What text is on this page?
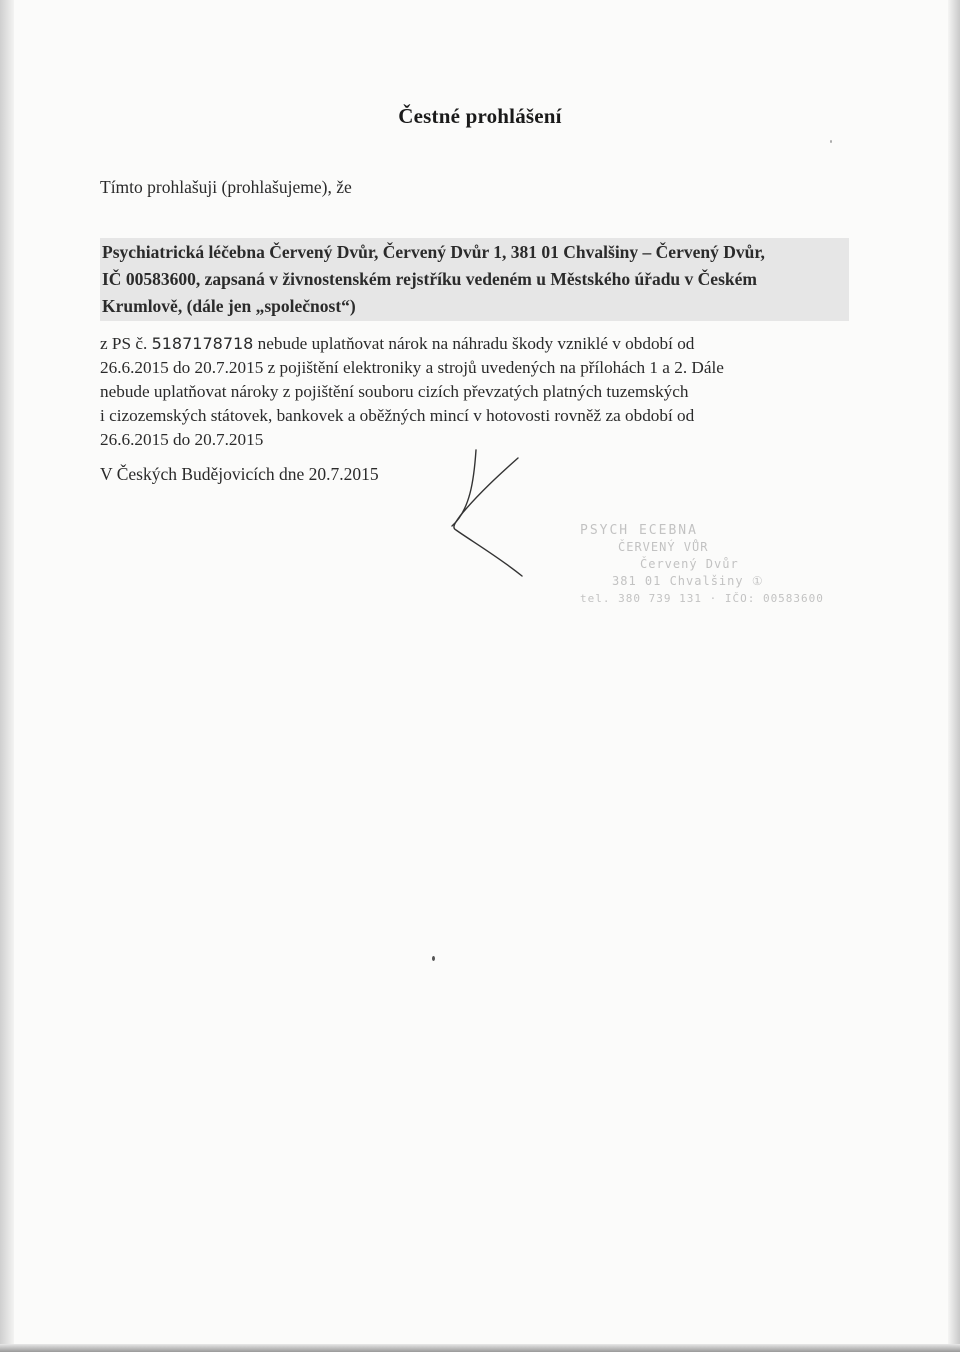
Čestné prohlášení
Tímto prohlašuji (prohlašujeme), že
Psychiatrická léčebna Červený Dvůr, Červený Dvůr 1, 381 01 Chvalšiny – Červený Dvůr,
IČ 00583600, zapsaná v živnostenském rejstříku vedeném u Městského úřadu v Českém
Krumlově, (dále jen „společnost“)
z PS č. 5187178718 nebude uplatňovat nárok na náhradu škody vzniklé v období od
26.6.2015 do 20.7.2015 z pojištění elektroniky a strojů uvedených na přílohách 1 a 2. Dále
nebude uplatňovat nároky z pojištění souboru cizích převzatých platných tuzemských
i cizozemských státovek, bankovek a oběžných mincí v hotovosti rovněž za období od
26.6.2015 do 20.7.2015
V Českých Budějovicích dne 20.7.2015
PSYCH ECEBNA
ČERVENÝ VŮR
Červený Dvůr
381 01 Chvalšiny ①
tel. 380 739 131 · IČO: 00583600
